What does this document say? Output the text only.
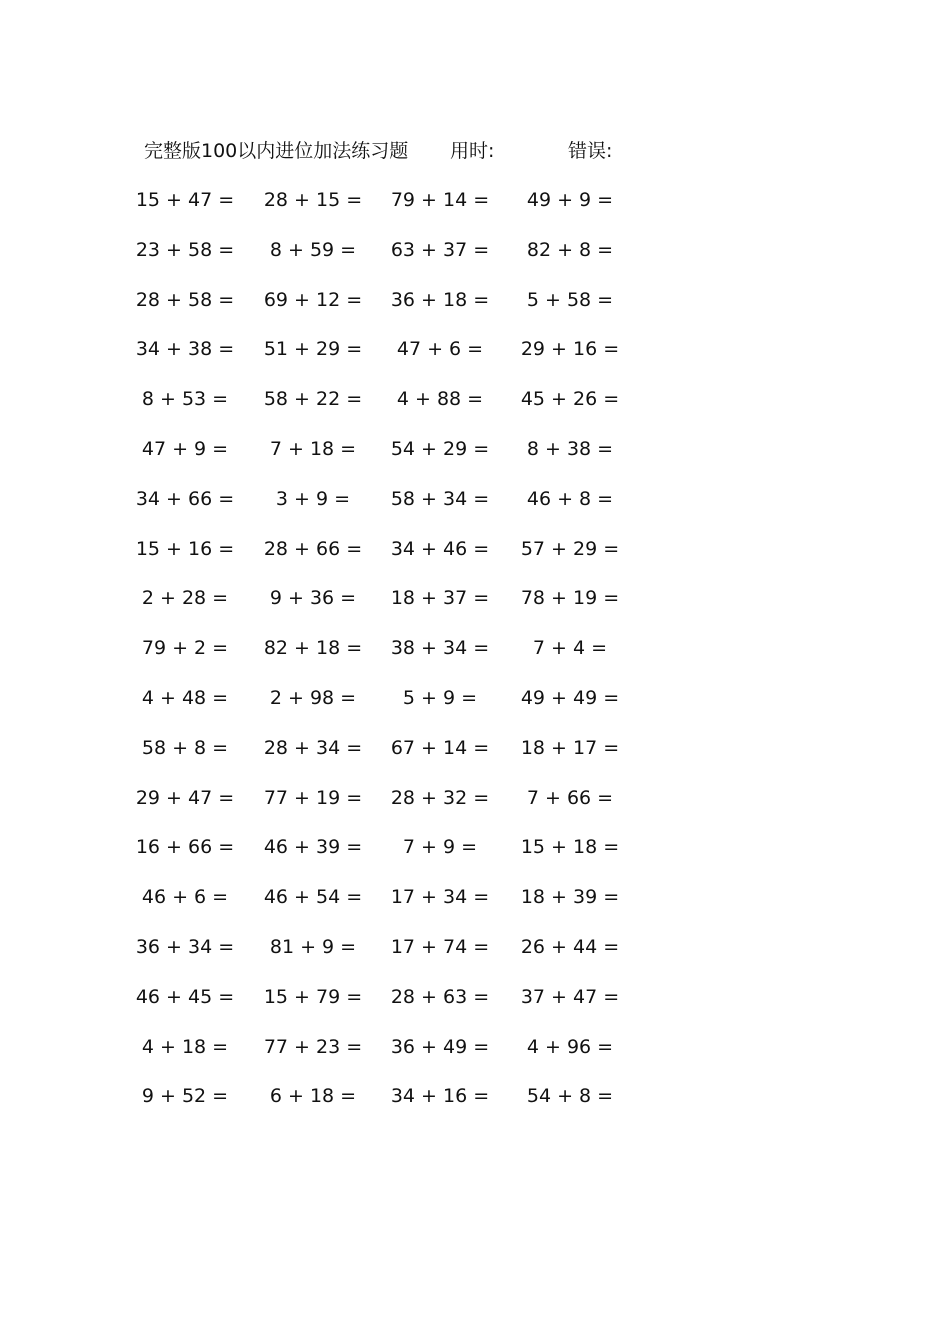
完整版100以内进位加法练习题 用时:	错误:
15 + 47 =	28 + 15 =	79 + 14 =	49 + 9 =
23 + 58 =	8 + 59 =	63 + 37 =	82 + 8 =
28 + 58 =	69 + 12 =	36 + 18 =	5 + 58 =
34 + 38 =	51 + 29 =	47 + 6 =	29 + 16 =
8 + 53 =	58 + 22 =	4 + 88 =	45 + 26 =
47 + 9 =	7 + 18 =	54 + 29 =	8 + 38 =
34 + 66 =	3 + 9 =	58 + 34 =	46 + 8 =
15 + 16 =	28 + 66 =	34 + 46 =	57 + 29 =
2 + 28 =	9 + 36 =	18 + 37 =	78 + 19 =
79 + 2 =	82 + 18 =	38 + 34 =	7 + 4 =
4 + 48 =	2 + 98 =	5 + 9 =	49 + 49 =
58 + 8 =	28 + 34 =	67 + 14 =	18 + 17 =
29 + 47 =	77 + 19 =	28 + 32 =	7 + 66 =
16 + 66 =	46 + 39 =	7 + 9 =	15 + 18 =
46 + 6 =	46 + 54 =	17 + 34 =	18 + 39 =
36 + 34 =	81 + 9 =	17 + 74 =	26 + 44 =
46 + 45 =	15 + 79 =	28 + 63 =	37 + 47 =
4 + 18 =	77 + 23 =	36 + 49 =	4 + 96 =
9 + 52 =	6 + 18 =	34 + 16 =	54 + 8 =
